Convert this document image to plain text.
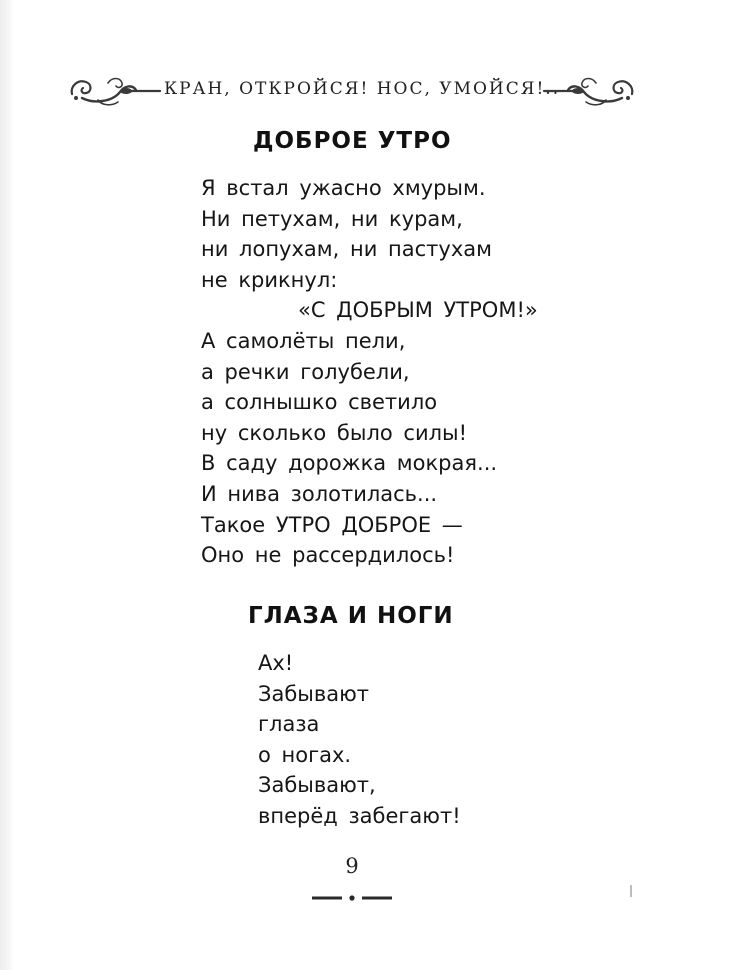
КРАН, ОТКРОЙСЯ! НОС, УМОЙСЯ!..
ДОБРОЕ УТРО
Я встал ужасно хмурым.
Ни петухам, ни курам,
ни лопухам, ни пастухам
не крикнул:
«С ДОБРЫМ УТРОМ!»
А самолёты пели,
а речки голубели,
а солнышко светило
ну сколько было силы!
В саду дорожка мокрая...
И нива золотилась...
Такое УТРО ДОБРОЕ —
Оно не рассердилось!
ГЛАЗА И НОГИ
Ах!
Забывают
глаза
о ногах.
Забывают,
вперёд забегают!
9
